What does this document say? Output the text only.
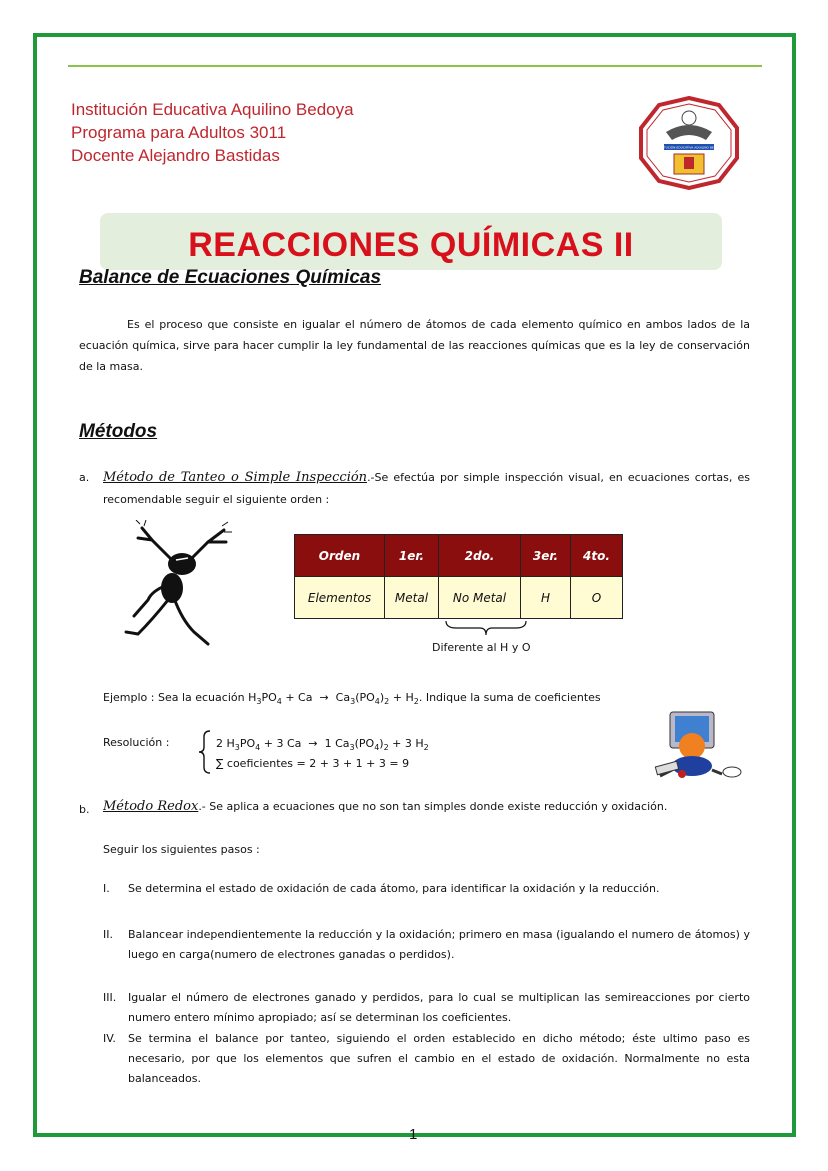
Institución Educativa Aquilino Bedoya
Programa para Adultos 3011
Docente Alejandro Bastidas	INSTITUCIÓN EDUCATIVA AQUILINO BEDOYA
REACCIONES QUÍMICAS II
Balance de Ecuaciones Químicas
Es el proceso que consiste en igualar el número de átomos de cada elemento químico en ambos lados de la ecuación química, sirve para hacer cumplir la ley fundamental de las reacciones químicas que es la ley de conservación de la masa.
Métodos
a. Método de Tanteo o Simple Inspección.-Se efectúa por simple inspección visual, en ecuaciones cortas, es recomendable seguir el siguiente orden :
Orden	1er.	2do.	3er.	4to.
Elementos	Metal	No Metal	H	O
Diferente al H y O
Ejemplo : Sea la ecuación $H_3PO_4 + Ca \to Ca_3(PO_4)_2 + H_2$. Indique la suma de coeficientes
Resolución :	2 $H_3PO_4 + 3$ Ca  →  1 $Ca_3(PO_4)_2 + 3$ $H_2$
∑ coeficientes = 2 + 3 + 1 + 3 = 9
b. Método Redox.- Se aplica a ecuaciones que no son tan simples donde existe reducción y oxidación.
Seguir los siguientes pasos :
I. Se determina el estado de oxidación de cada átomo, para identificar la oxidación y la reducción.
II. Balancear independientemente la reducción y la oxidación; primero en masa (igualando el numero de átomos) y luego en carga(numero de electrones ganadas o perdidos).
III. Igualar el número de electrones ganado y perdidos, para lo cual se multiplican las semireacciones por cierto numero entero mínimo apropiado; así se determinan los coeficientes.
IV. Se termina el balance por tanteo, siguiendo el orden establecido en dicho método; éste ultimo paso es necesario, por que los elementos que sufren el cambio en el estado de oxidación. Normalmente no esta balanceados.
1
